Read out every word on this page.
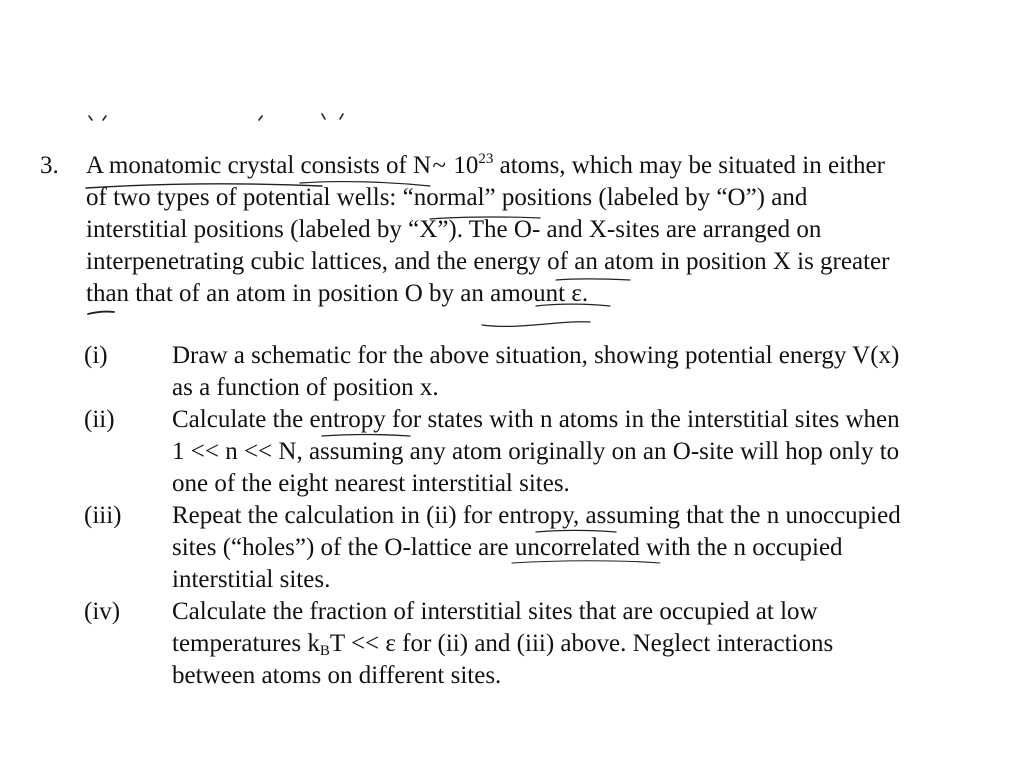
3. A monatomic crystal consists of N~ $10^{23}$ atoms, which may be situated in either
of two types of potential wells: “normal” positions (labeled by “O”) and
interstitial positions (labeled by “X”). The O- and X-sites are arranged on
interpenetrating cubic lattices, and the energy of an atom in position X is greater
than that of an atom in position O by an amount ε.
(i)	Draw a schematic for the above situation, showing potential energy V(x)
as a function of position x.
(ii)	Calculate the entropy for states with n atoms in the interstitial sites when
1 << n << N, assuming any atom originally on an O-site will hop only to
one of the eight nearest interstitial sites.
(iii)	Repeat the calculation in (ii) for entropy, assuming that the n unoccupied
sites (“holes”) of the O-lattice are uncorrelated with the n occupied
interstitial sites.
(iv)	Calculate the fraction of interstitial sites that are occupied at low
temperatures $k_BT << \varepsilon$ for (ii) and (iii) above. Neglect interactions
between atoms on different sites.
